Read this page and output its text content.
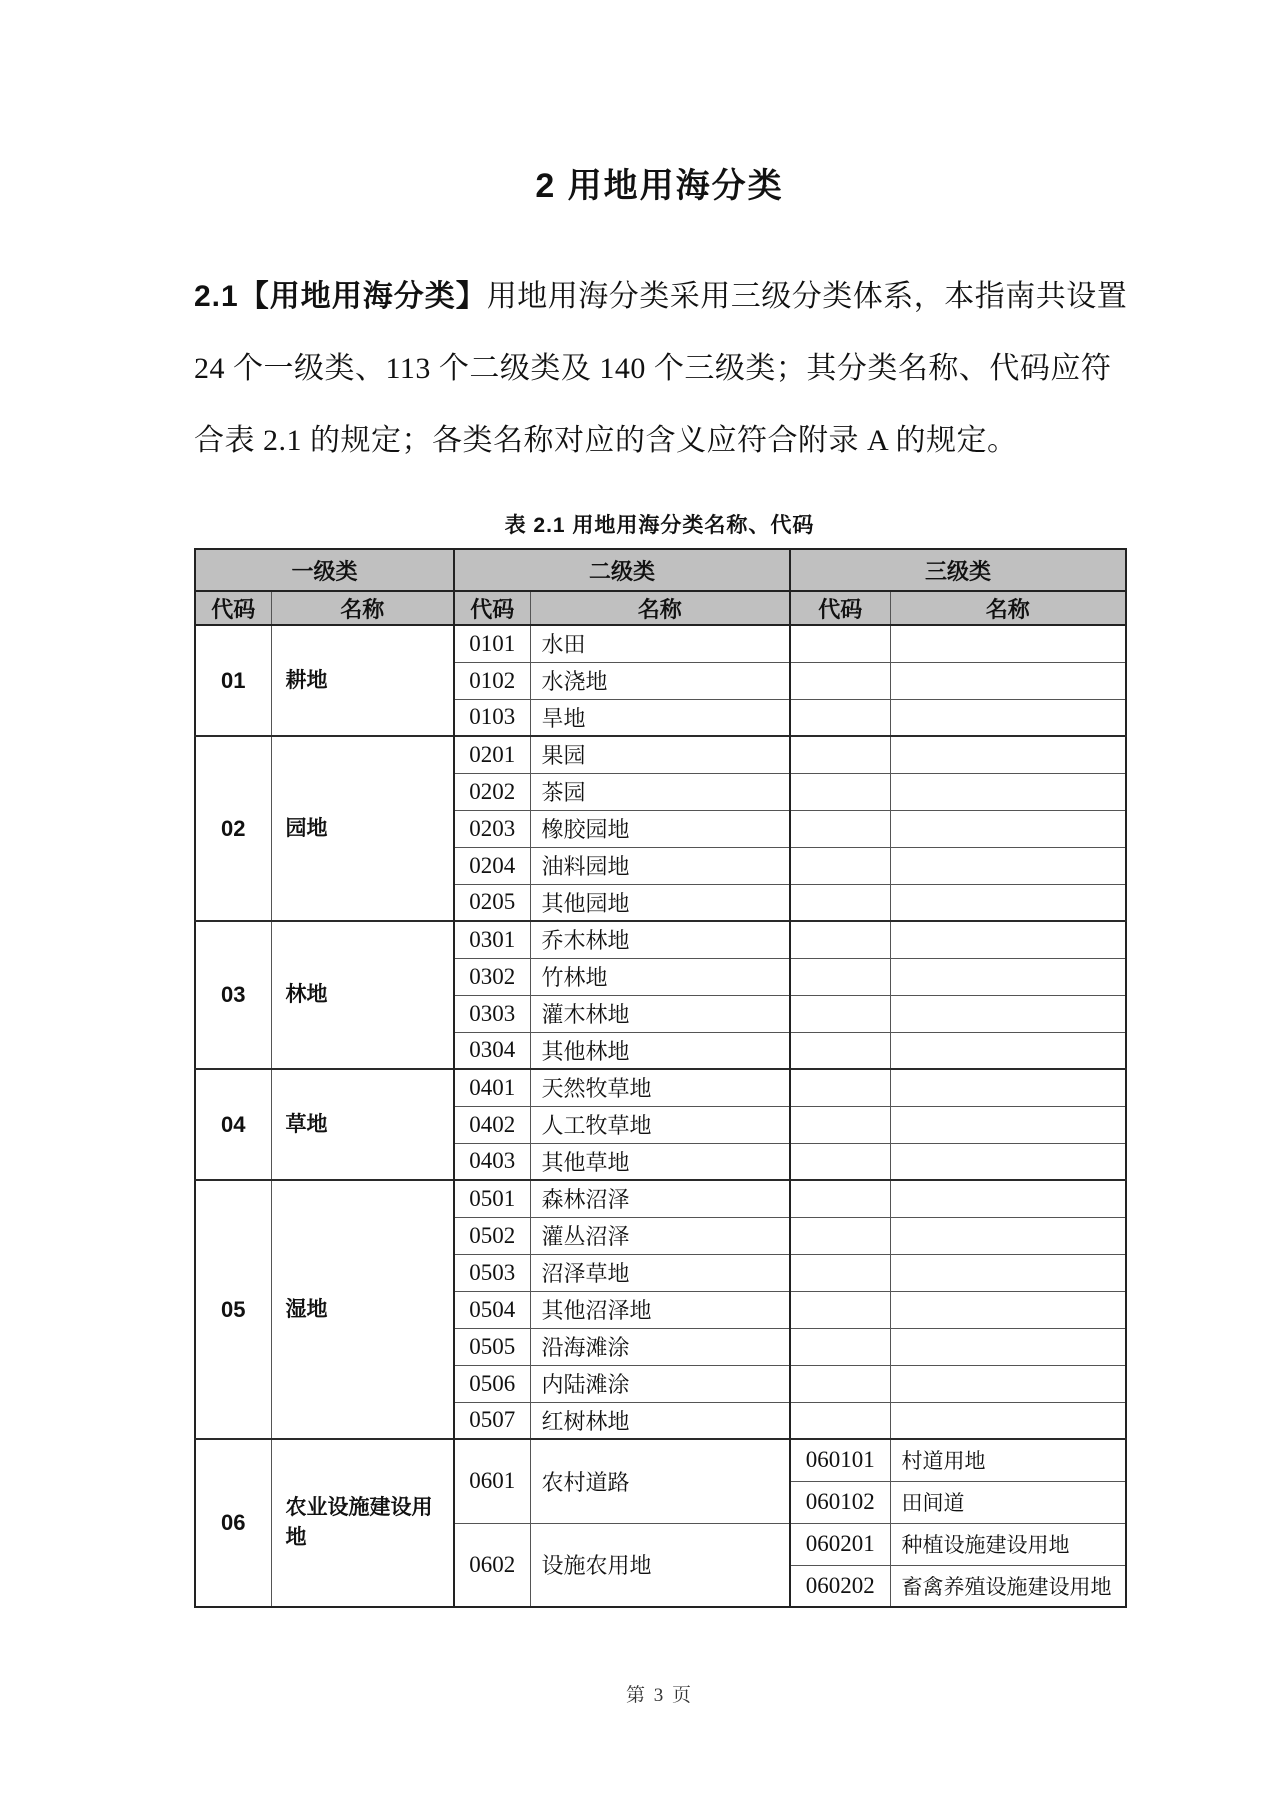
2 用地用海分类
2.1【用地用海分类】用地用海分类采用三级分类体系，本指南共设置
24 个一级类、113 个二级类及 140 个三级类；其分类名称、代码应符
合表 2.1 的规定；各类名称对应的含义应符合附录 A 的规定。
表 2.1 用地用海分类名称、代码
一级类		二级类		三级类	
代码	名称	代码	名称	代码	名称
01	耕地	0101	水田		
		0102	水浇地		
		0103	旱地		
02	园地	0201	果园		
		0202	茶园		
		0203	橡胶园地		
		0204	油料园地		
		0205	其他园地		
03	林地	0301	乔木林地		
		0302	竹林地		
		0303	灌木林地		
		0304	其他林地		
04	草地	0401	天然牧草地		
		0402	人工牧草地		
		0403	其他草地		
05	湿地	0501	森林沼泽		
		0502	灌丛沼泽		
		0503	沼泽草地		
		0504	其他沼泽地		
		0505	沿海滩涂		
		0506	内陆滩涂		
		0507	红树林地		
06	农业设施建设用地	0601	农村道路	060101	村道用地
				060102	田间道
		0602	设施农用地	060201	种植设施建设用地
				060202	畜禽养殖设施建设用地
第 3 页
